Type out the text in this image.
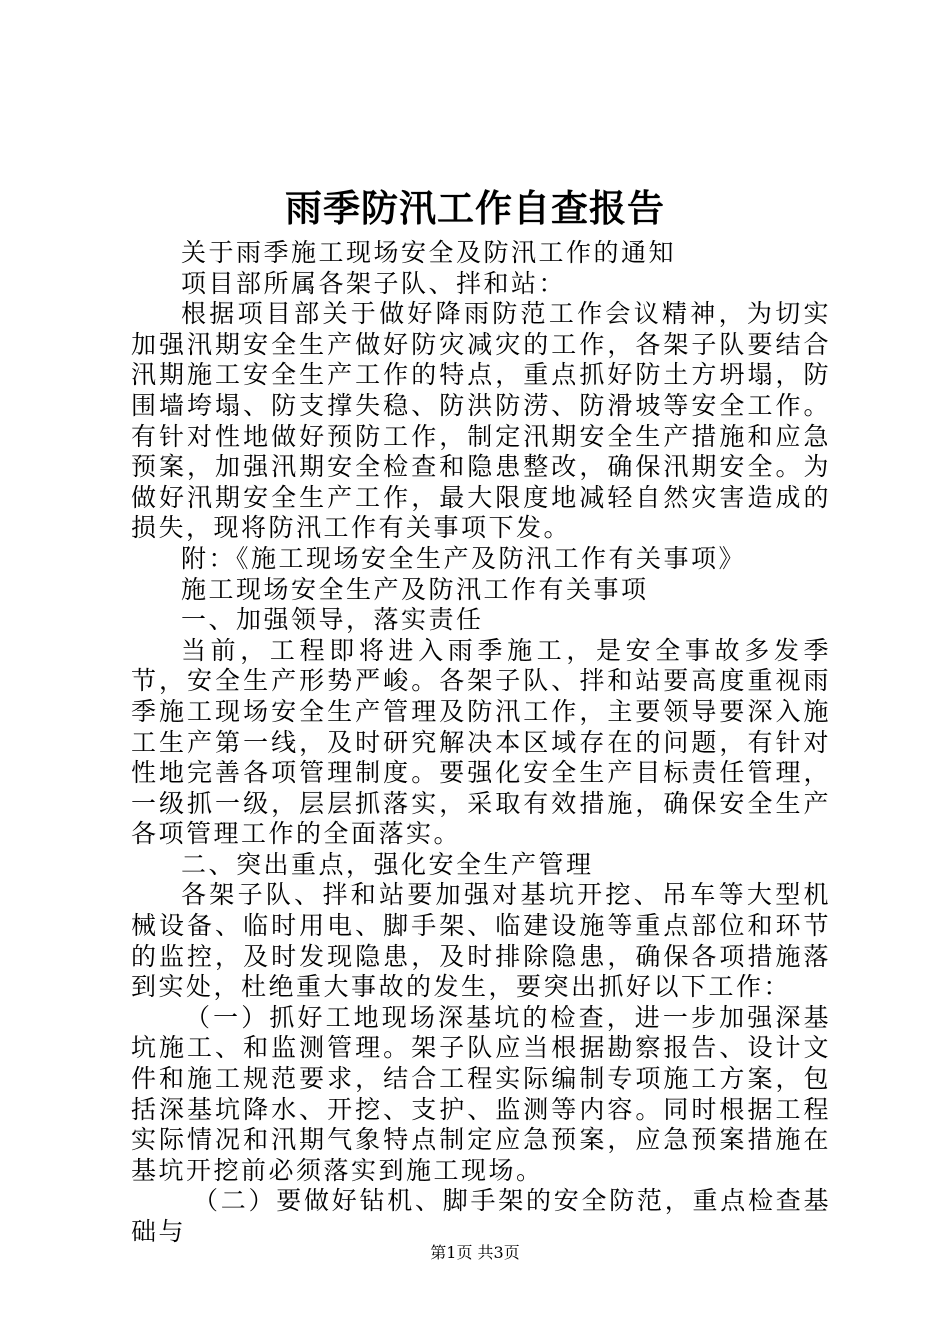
雨季防汛工作自查报告

关于雨季施工现场安全及防汛工作的通知

项目部所属各架子队、拌和站：

根据项目部关于做好降雨防范工作会议精神，为切实加强汛期安全生产做好防灾减灾的工作，各架子队要结合汛期施工安全生产工作的特点，重点抓好防土方坍塌，防围墙垮塌、防支撑失稳、防洪防涝、防滑坡等安全工作。有针对性地做好预防工作，制定汛期安全生产措施和应急预案，加强汛期安全检查和隐患整改，确保汛期安全。为做好汛期安全生产工作，最大限度地减轻自然灾害造成的损失，现将防汛工作有关事项下发。

附：《施工现场安全生产及防汛工作有关事项》

施工现场安全生产及防汛工作有关事项

一、加强领导，落实责任

当前，工程即将进入雨季施工，是安全事故多发季节，安全生产形势严峻。各架子队、拌和站要高度重视雨季施工现场安全生产管理及防汛工作，主要领导要深入施工生产第一线，及时研究解决本区域存在的问题，有针对性地完善各项管理制度。要强化安全生产目标责任管理，一级抓一级，层层抓落实，采取有效措施，确保安全生产各项管理工作的全面落实。

二、突出重点，强化安全生产管理

各架子队、拌和站要加强对基坑开挖、吊车等大型机械设备、临时用电、脚手架、临建设施等重点部位和环节的监控，及时发现隐患，及时排除隐患，确保各项措施落到实处，杜绝重大事故的发生，要突出抓好以下工作：

（一）抓好工地现场深基坑的检查，进一步加强深基坑施工、和监测管理。架子队应当根据勘察报告、设计文件和施工规范要求，结合工程实际编制专项施工方案，包括深基坑降水、开挖、支护、监测等内容。同时根据工程实际情况和汛期气象特点制定应急预案，应急预案措施在基坑开挖前必须落实到施工现场。

（二）要做好钻机、脚手架的安全防范，重点检查基础与

第1页 共3页
